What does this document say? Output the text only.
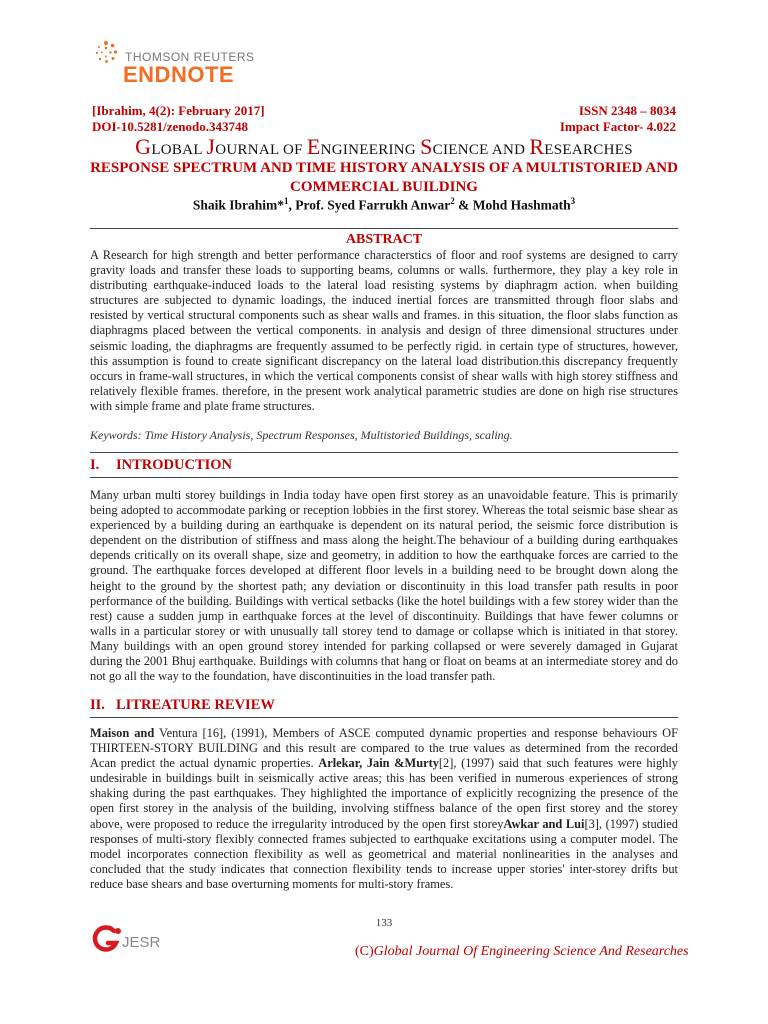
THOMSON REUTERS
ENDNOTE
[Ibrahim, 4(2): February 2017]
DOI-10.5281/zenodo.343748
ISSN 2348 – 8034
Impact Factor- 4.022
GLOBAL JOURNAL OF ENGINEERING SCIENCE AND RESEARCHES
RESPONSE SPECTRUM AND TIME HISTORY ANALYSIS OF A MULTISTORIED AND COMMERCIAL BUILDING
Shaik Ibrahim*$^1$, Prof. Syed Farrukh Anwar$^2$ & Mohd Hashmath$^3$
ABSTRACT
A Research for high strength and better performance characterstics of floor and roof systems are designed to carry gravity loads and transfer these loads to supporting beams, columns or walls. furthermore, they play a key role in distributing earthquake-induced loads to the lateral load resisting systems by diaphragm action. when building structures are subjected to dynamic loadings, the induced inertial forces are transmitted through floor slabs and resisted by vertical structural components such as shear walls and frames. in this situation, the floor slabs function as diaphragms placed between the vertical components. in analysis and design of three dimensional structures under seismic loading, the diaphragms are frequently assumed to be perfectly rigid. in certain type of structures, however, this assumption is found to create significant discrepancy on the lateral load distribution.this discrepancy frequently occurs in frame-wall structures, in which the vertical components consist of shear walls with high storey stiffness and relatively flexible frames. therefore, in the present work analytical parametric studies are done on high rise structures with simple frame and plate frame structures.
Keywords: Time History Analysis, Spectrum Responses, Multistoried Buildings, scaling.
I. INTRODUCTION
Many urban multi storey buildings in India today have open first storey as an unavoidable feature. This is primarily being adopted to accommodate parking or reception lobbies in the first storey. Whereas the total seismic base shear as experienced by a building during an earthquake is dependent on its natural period, the seismic force distribution is dependent on the distribution of stiffness and mass along the height.The behaviour of a building during earthquakes depends critically on its overall shape, size and geometry, in addition to how the earthquake forces are carried to the ground. The earthquake forces developed at different floor levels in a building need to be brought down along the height to the ground by the shortest path; any deviation or discontinuity in this load transfer path results in poor performance of the building. Buildings with vertical setbacks (like the hotel buildings with a few storey wider than the rest) cause a sudden jump in earthquake forces at the level of discontinuity. Buildings that have fewer columns or walls in a particular storey or with unusually tall storey tend to damage or collapse which is initiated in that storey. Many buildings with an open ground storey intended for parking collapsed or were severely damaged in Gujarat during the 2001 Bhuj earthquake. Buildings with columns that hang or float on beams at an intermediate storey and do not go all the way to the foundation, have discontinuities in the load transfer path.
II. LITREATURE REVIEW
Maison and Ventura [16], (1991), Members of ASCE computed dynamic properties and response behaviours OF THIRTEEN-STORY BUILDING and this result are compared to the true values as determined from the recorded Acan predict the actual dynamic properties. Arlekar, Jain &Murty[2], (1997) said that such features were highly undesirable in buildings built in seismically active areas; this has been verified in numerous experiences of strong shaking during the past earthquakes. They highlighted the importance of explicitly recognizing the presence of the open first storey in the analysis of the building, involving stiffness balance of the open first storey and the storey above, were proposed to reduce the irregularity introduced by the open first storeyAwkar and Lui[3], (1997) studied responses of multi-story flexibly connected frames subjected to earthquake excitations using a computer model. The model incorporates connection flexibility as well as geometrical and material nonlinearities in the analyses and concluded that the study indicates that connection flexibility tends to increase upper stories' inter-storey drifts but reduce base shears and base overturning moments for multi-story frames.
133
JESR
(C)Global Journal Of Engineering Science And Researches
